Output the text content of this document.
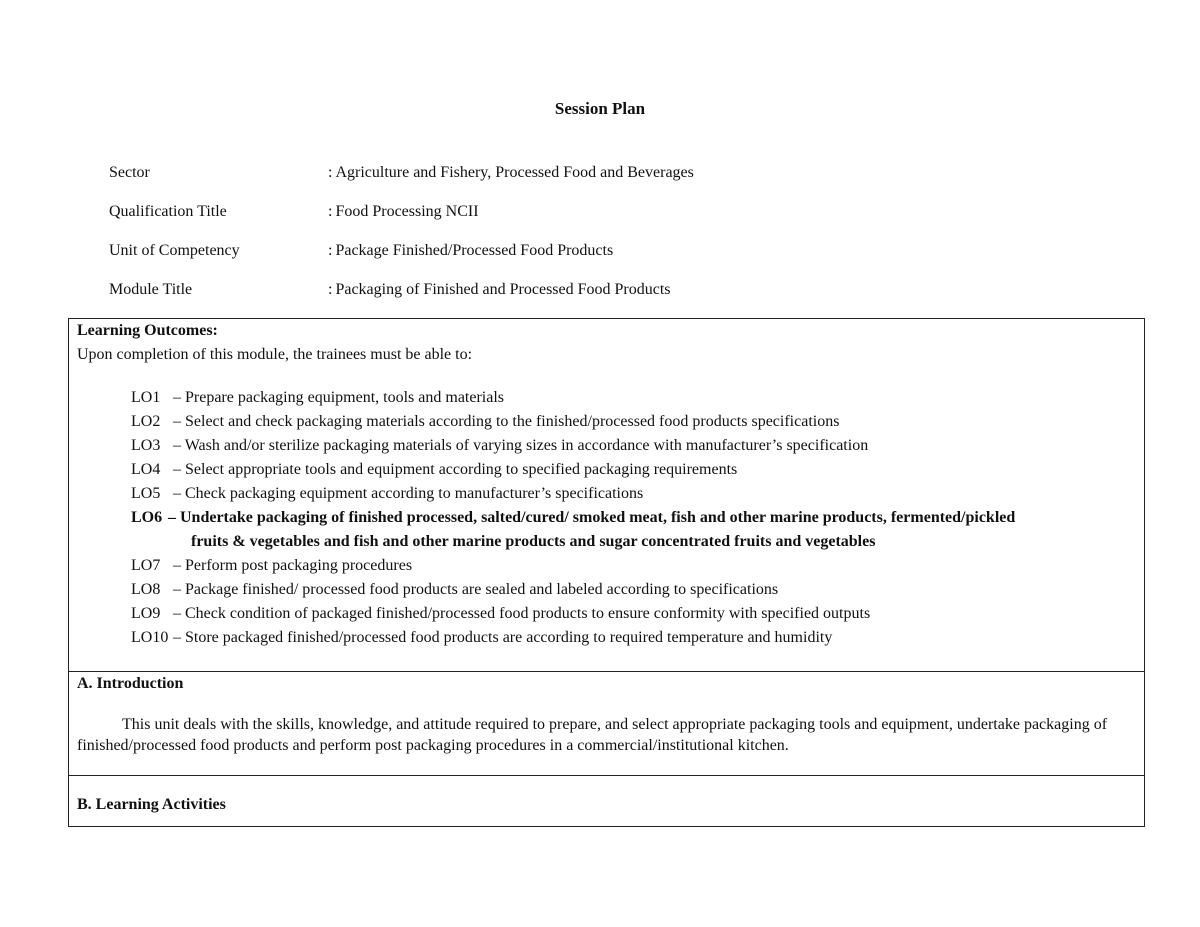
Session Plan
Sector	: Agriculture and Fishery, Processed Food and Beverages
Qualification Title	: Food Processing NCII
Unit of Competency	: Package Finished/Processed Food Products
Module Title	: Packaging of Finished and Processed Food Products
Learning Outcomes:
Upon completion of this module, the trainees must be able to:
LO1 – Prepare packaging equipment, tools and materials
LO2 – Select and check packaging materials according to the finished/processed food products specifications
LO3 – Wash and/or sterilize packaging materials of varying sizes in accordance with manufacturer’s specification
LO4 – Select appropriate tools and equipment according to specified packaging requirements
LO5 – Check packaging equipment according to manufacturer’s specifications
LO6 – Undertake packaging of finished processed, salted/cured/ smoked meat, fish and other marine products, fermented/pickled
fruits & vegetables and fish and other marine products and sugar concentrated fruits and vegetables
LO7 – Perform post packaging procedures
LO8 – Package finished/ processed food products are sealed and labeled according to specifications
LO9 – Check condition of packaged finished/processed food products to ensure conformity with specified outputs
LO10 – Store packaged finished/processed food products are according to required temperature and humidity
A. Introduction
This unit deals with the skills, knowledge, and attitude required to prepare, and select appropriate packaging tools and equipment, undertake packaging of finished/processed food products and perform post packaging procedures in a commercial/institutional kitchen.
B. Learning Activities
